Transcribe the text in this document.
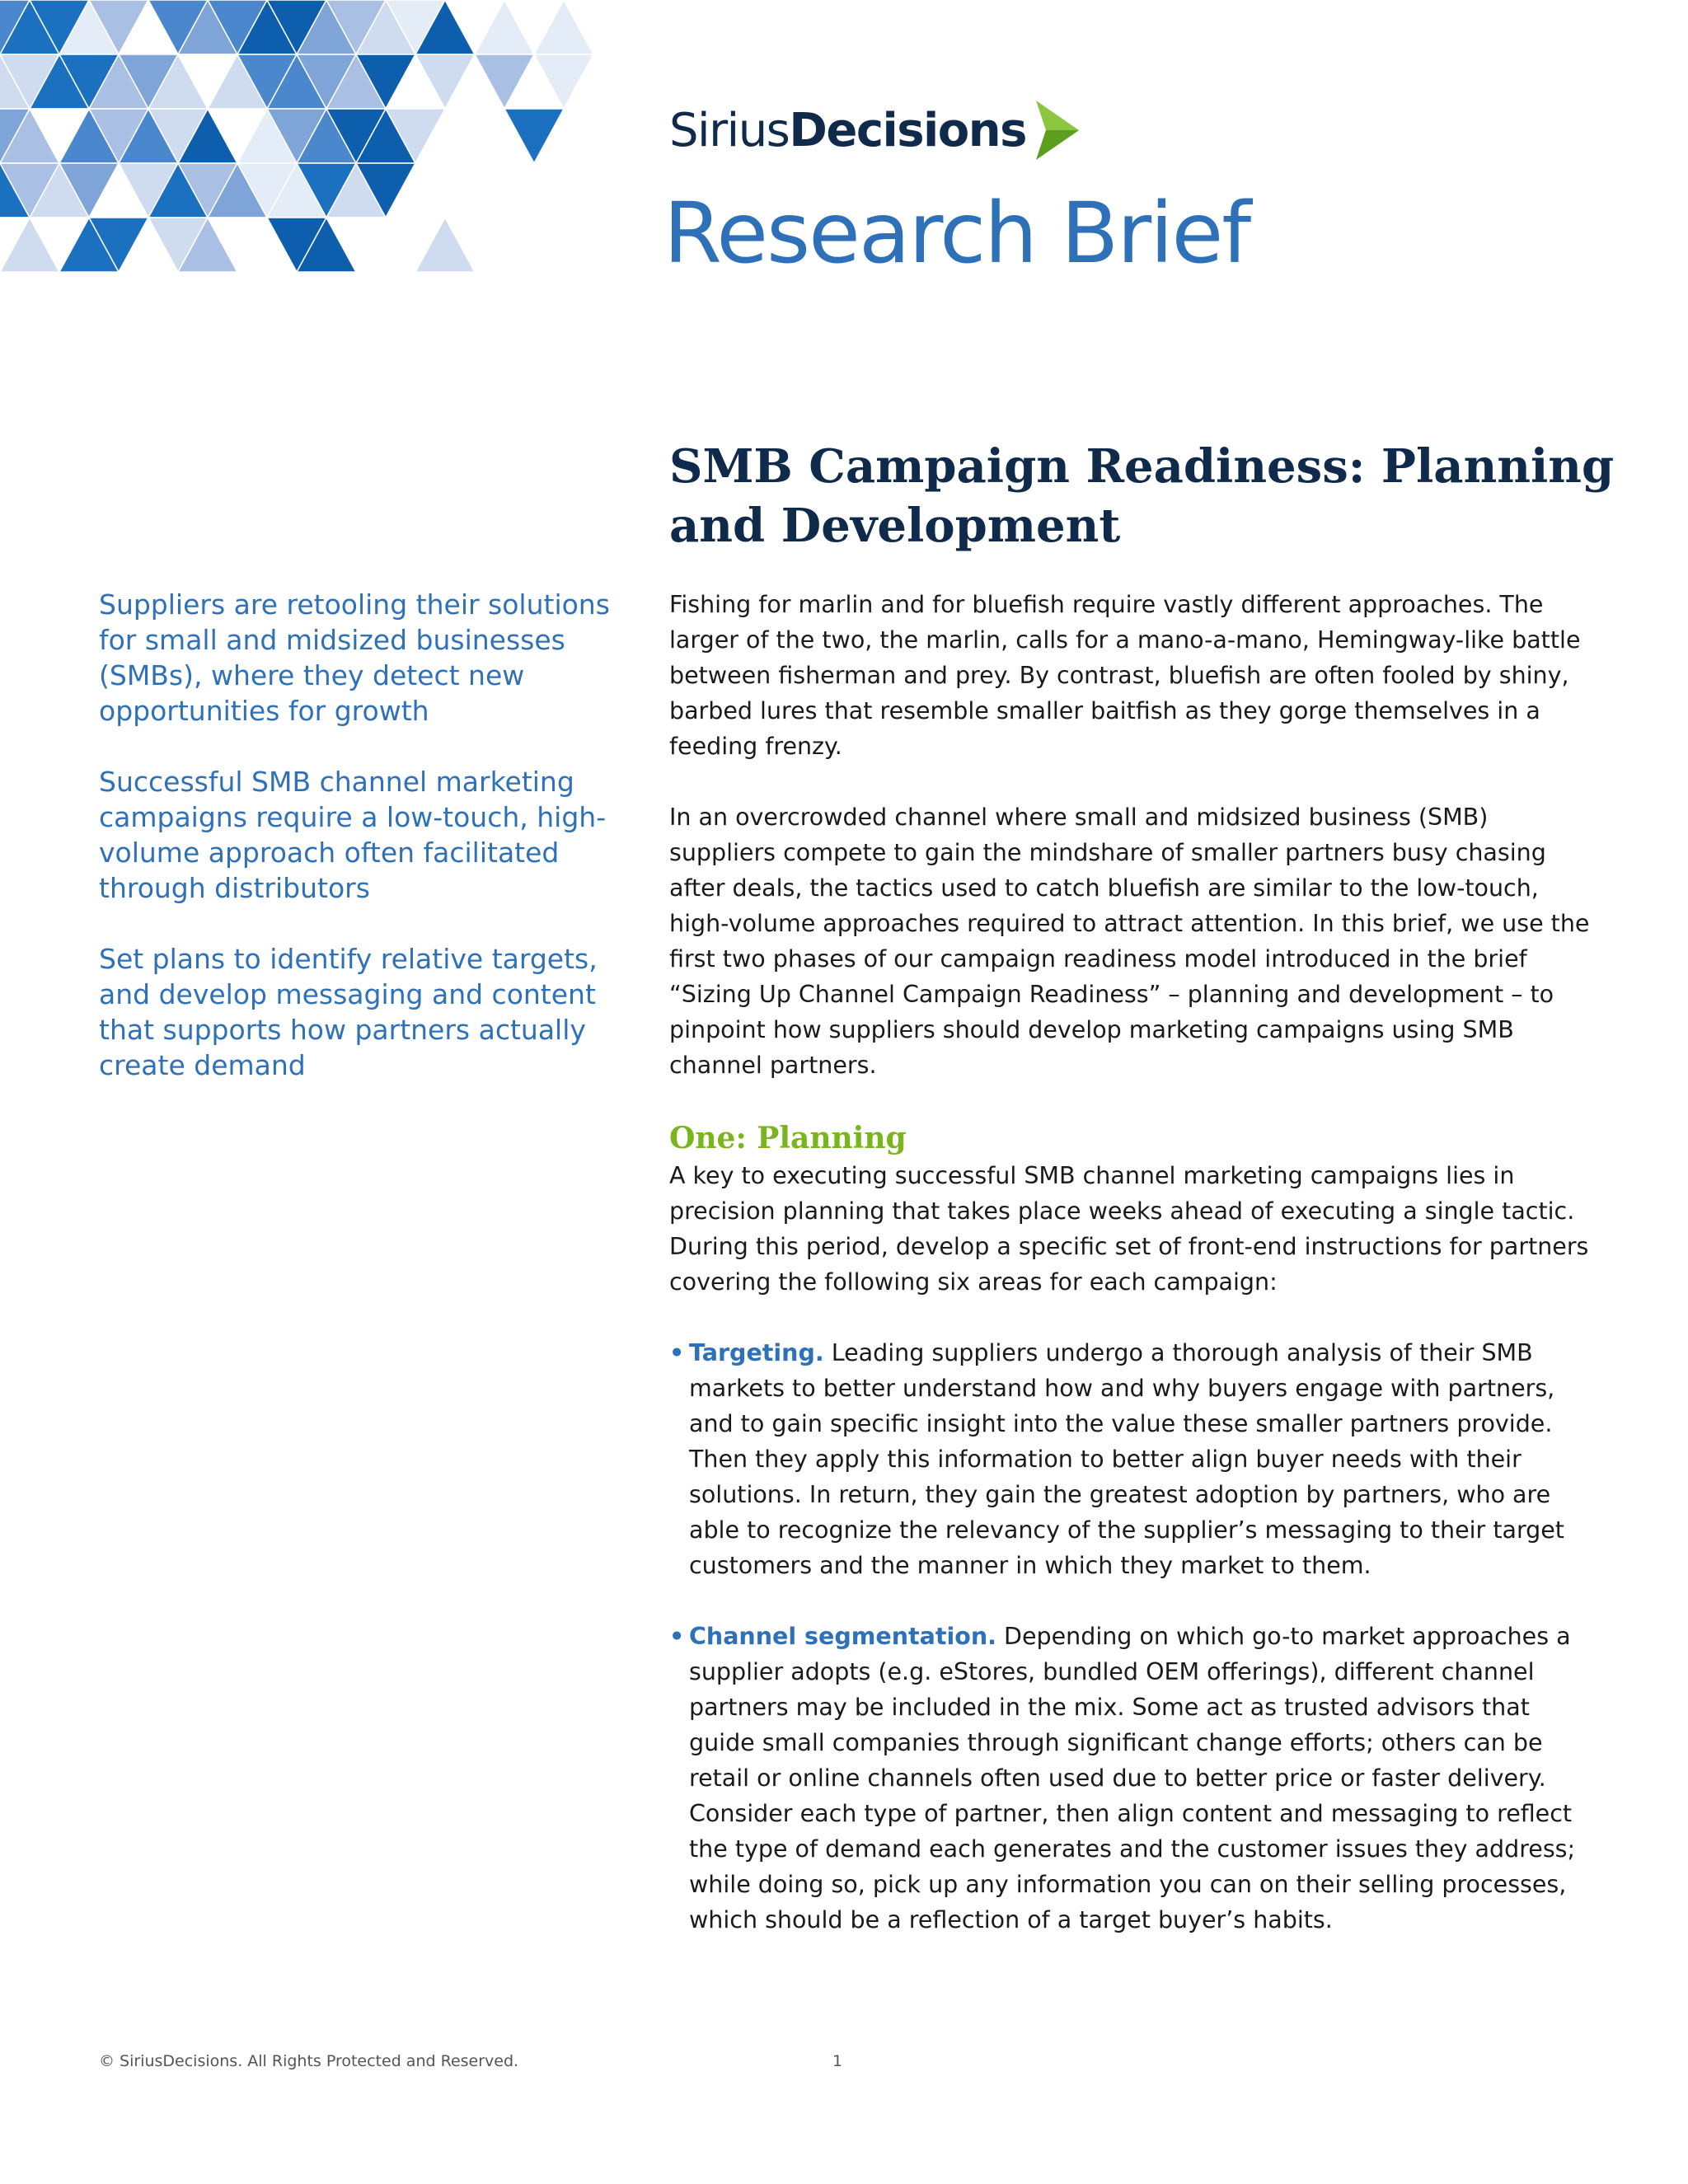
SiriusDecisions
Research Brief
SMB Campaign Readiness: Planning and Development

Suppliers are retooling their solutions for small and midsized businesses (SMBs), where they detect new opportunities for growth

Successful SMB channel marketing campaigns require a low-touch, high-volume approach often facilitated through distributors

Set plans to identify relative targets, and develop messaging and content that supports how partners actually create demand

Fishing for marlin and for bluefish require vastly different approaches. The larger of the two, the marlin, calls for a mano-a-mano, Hemingway-like battle between fisherman and prey. By contrast, bluefish are often fooled by shiny, barbed lures that resemble smaller baitfish as they gorge themselves in a feeding frenzy.

In an overcrowded channel where small and midsized business (SMB) suppliers compete to gain the mindshare of smaller partners busy chasing after deals, the tactics used to catch bluefish are similar to the low-touch, high-volume approaches required to attract attention. In this brief, we use the first two phases of our campaign readiness model introduced in the brief “Sizing Up Channel Campaign Readiness” – planning and development – to pinpoint how suppliers should develop marketing campaigns using SMB channel partners.

One: Planning

A key to executing successful SMB channel marketing campaigns lies in precision planning that takes place weeks ahead of executing a single tactic. During this period, develop a specific set of front-end instructions for partners covering the following six areas for each campaign:

• Targeting. Leading suppliers undergo a thorough analysis of their SMB markets to better understand how and why buyers engage with partners, and to gain specific insight into the value these smaller partners provide. Then they apply this information to better align buyer needs with their solutions. In return, they gain the greatest adoption by partners, who are able to recognize the relevancy of the supplier’s messaging to their target customers and the manner in which they market to them.
• Channel segmentation. Depending on which go-to market approaches a supplier adopts (e.g. eStores, bundled OEM offerings), different channel partners may be included in the mix. Some act as trusted advisors that guide small companies through significant change efforts; others can be retail or online channels often used due to better price or faster delivery. Consider each type of partner, then align content and messaging to reflect the type of demand each generates and the customer issues they address; while doing so, pick up any information you can on their selling processes, which should be a reflection of a target buyer’s habits.
© SiriusDecisions. All Rights Protected and Reserved.	1
